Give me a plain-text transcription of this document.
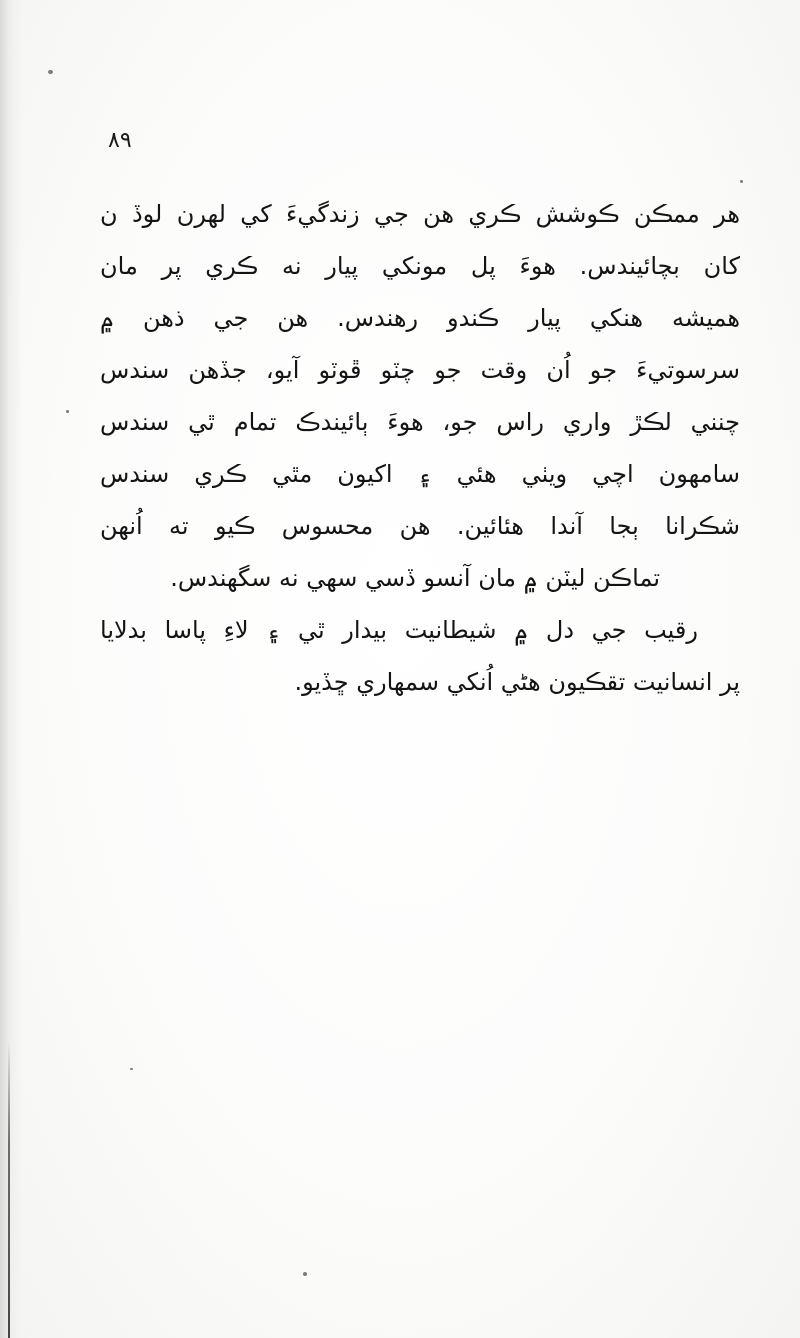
٨٩
هر ممڪن ڪوشش ڪري هن جي زندگيءَ کي لهرن لوڏ ن
کان بچائيندس. هوءَ پل مونکي پيار نه ڪري پر مان
هميشه هنکي پيار ڪندو رهندس. هن جي ذهن ۾
سرسوتيءَ جو اُن وقت جو چٽو ڦوٽو آيو، جڏهن سندس
چنني لڪڙ واري راس جو، هوءَ ٻائيندڪ تمام ٿي سندس
سامهون اچي ويٺي هئي ۽ اکيون مٿي ڪري سندس
شڪرانا ٻجا آندا هئائين. هن محسوس ڪيو ته اُنهن
تماڪن ليٽن ۾ مان آنسو ڏسي سهي نه سگهندس.
رقيب جي دل ۾ شيطانيت بيدار ٿي ۽ لاءِ پاسا بدلايا
پر انسانيت تقڪيون هڻي اُنکي سمهاري ڇڏيو.
